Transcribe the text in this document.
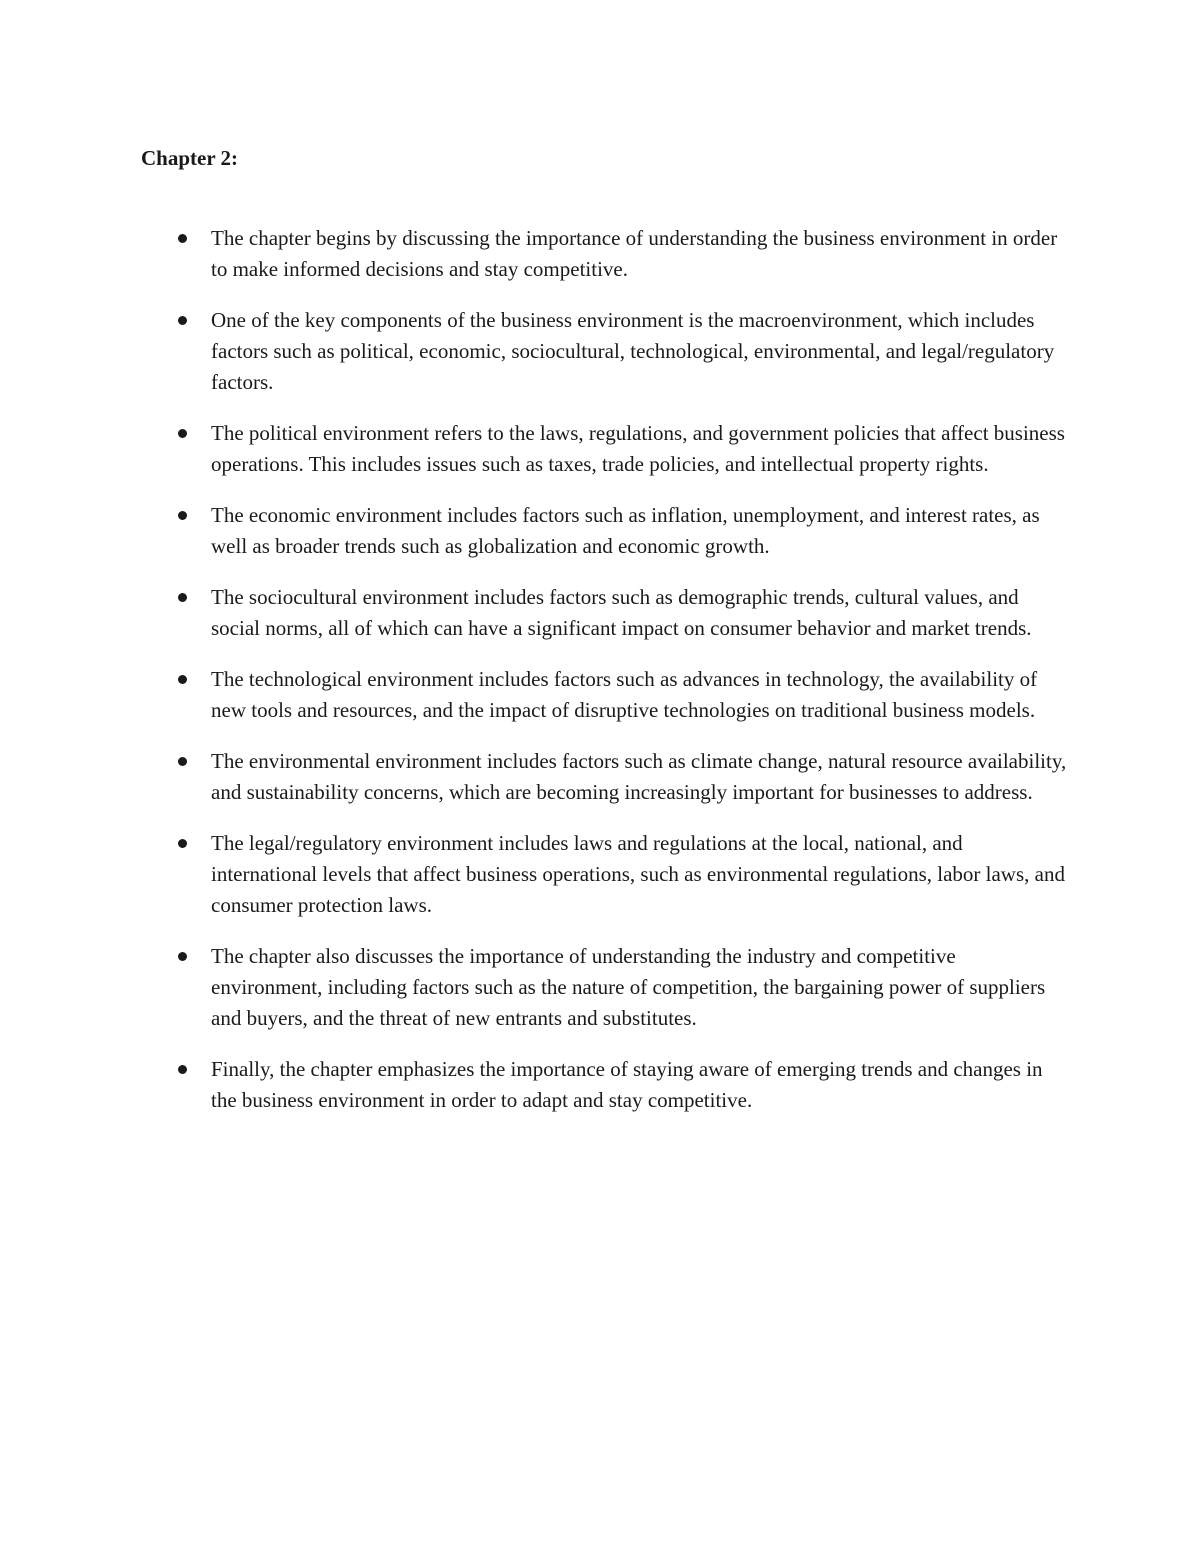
Chapter 2:
The chapter begins by discussing the importance of understanding the business environment in order to make informed decisions and stay competitive.
One of the key components of the business environment is the macroenvironment, which includes factors such as political, economic, sociocultural, technological, environmental, and legal/regulatory factors.
The political environment refers to the laws, regulations, and government policies that affect business operations. This includes issues such as taxes, trade policies, and intellectual property rights.
The economic environment includes factors such as inflation, unemployment, and interest rates, as well as broader trends such as globalization and economic growth.
The sociocultural environment includes factors such as demographic trends, cultural values, and social norms, all of which can have a significant impact on consumer behavior and market trends.
The technological environment includes factors such as advances in technology, the availability of new tools and resources, and the impact of disruptive technologies on traditional business models.
The environmental environment includes factors such as climate change, natural resource availability, and sustainability concerns, which are becoming increasingly important for businesses to address.
The legal/regulatory environment includes laws and regulations at the local, national, and international levels that affect business operations, such as environmental regulations, labor laws, and consumer protection laws.
The chapter also discusses the importance of understanding the industry and competitive environment, including factors such as the nature of competition, the bargaining power of suppliers and buyers, and the threat of new entrants and substitutes.
Finally, the chapter emphasizes the importance of staying aware of emerging trends and changes in the business environment in order to adapt and stay competitive.
